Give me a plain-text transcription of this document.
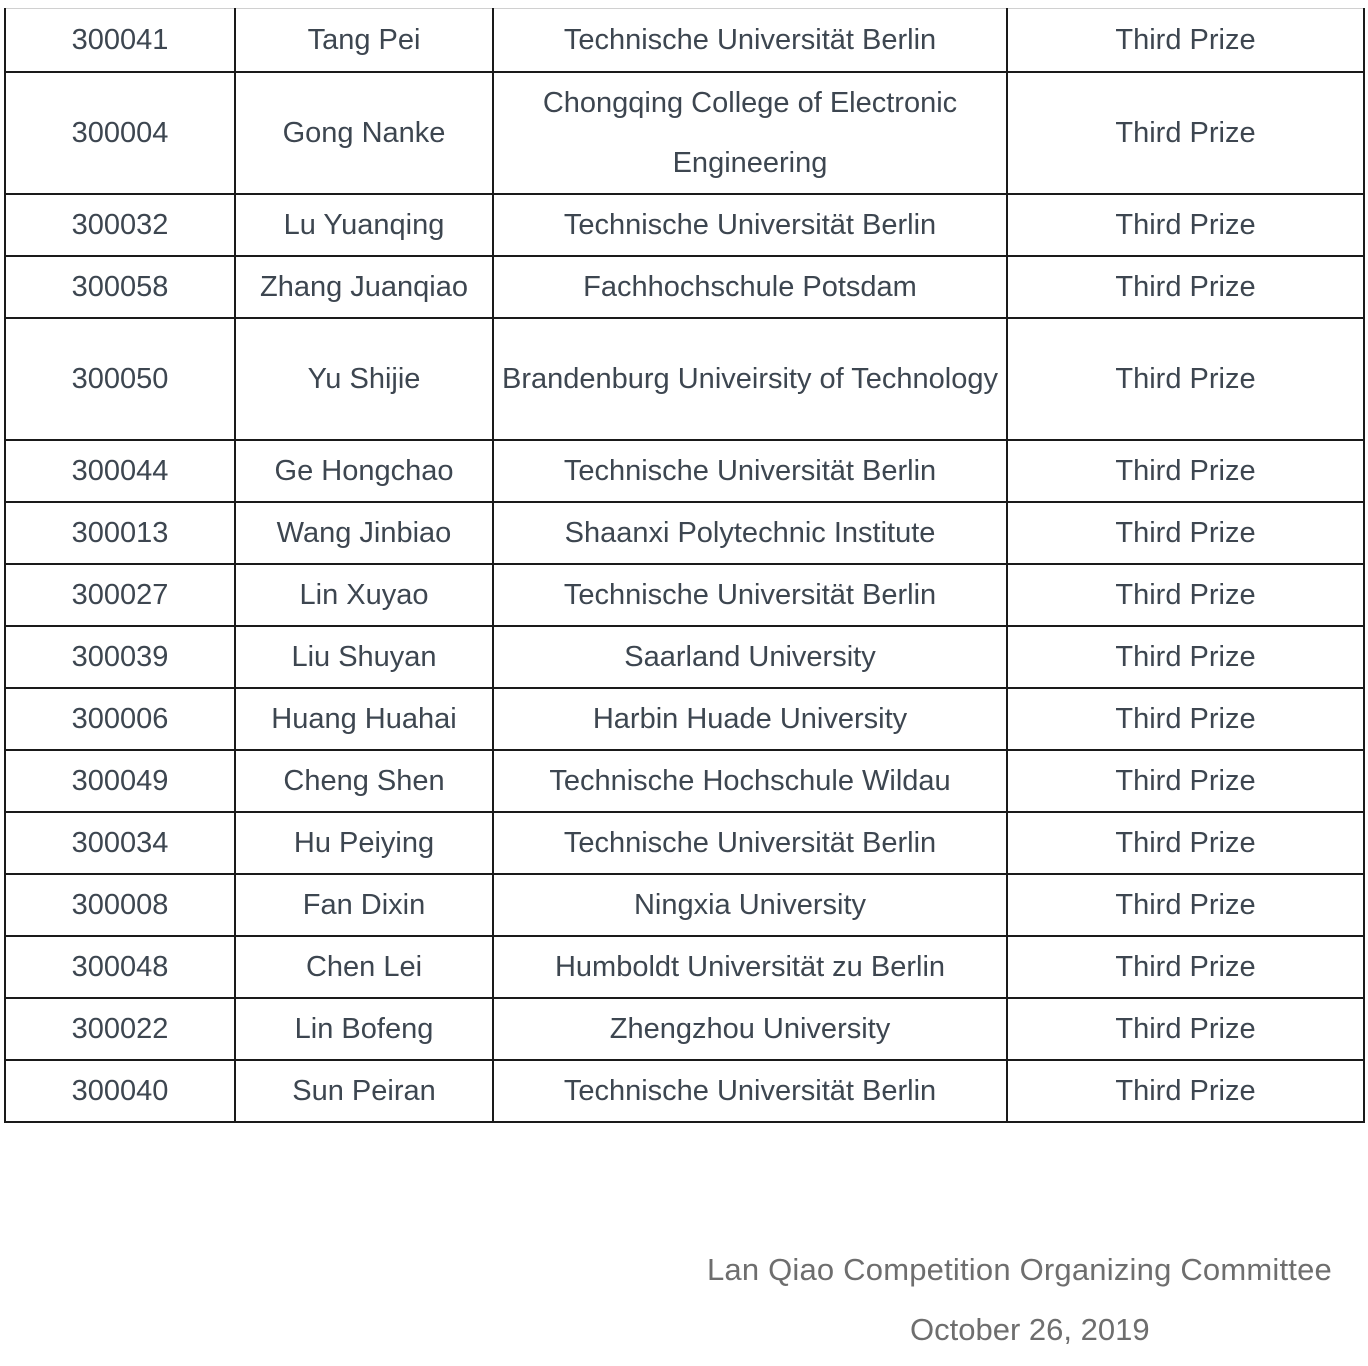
300041	Tang Pei	Technische Universität Berlin	Third Prize
300004	Gong Nanke	Chongqing College of Electronic Engineering	Third Prize
300032	Lu Yuanqing	Technische Universität Berlin	Third Prize
300058	Zhang Juanqiao	Fachhochschule Potsdam	Third Prize
300050	Yu Shijie	Brandenburg Univeirsity of Technology	Third Prize
300044	Ge Hongchao	Technische Universität Berlin	Third Prize
300013	Wang Jinbiao	Shaanxi Polytechnic Institute	Third Prize
300027	Lin Xuyao	Technische Universität Berlin	Third Prize
300039	Liu Shuyan	Saarland University	Third Prize
300006	Huang Huahai	Harbin Huade University	Third Prize
300049	Cheng Shen	Technische Hochschule Wildau	Third Prize
300034	Hu Peiying	Technische Universität Berlin	Third Prize
300008	Fan Dixin	Ningxia University	Third Prize
300048	Chen Lei	Humboldt Universität zu Berlin	Third Prize
300022	Lin Bofeng	Zhengzhou University	Third Prize
300040	Sun Peiran	Technische Universität Berlin	Third Prize
Lan Qiao Competition Organizing Committee
October 26, 2019
